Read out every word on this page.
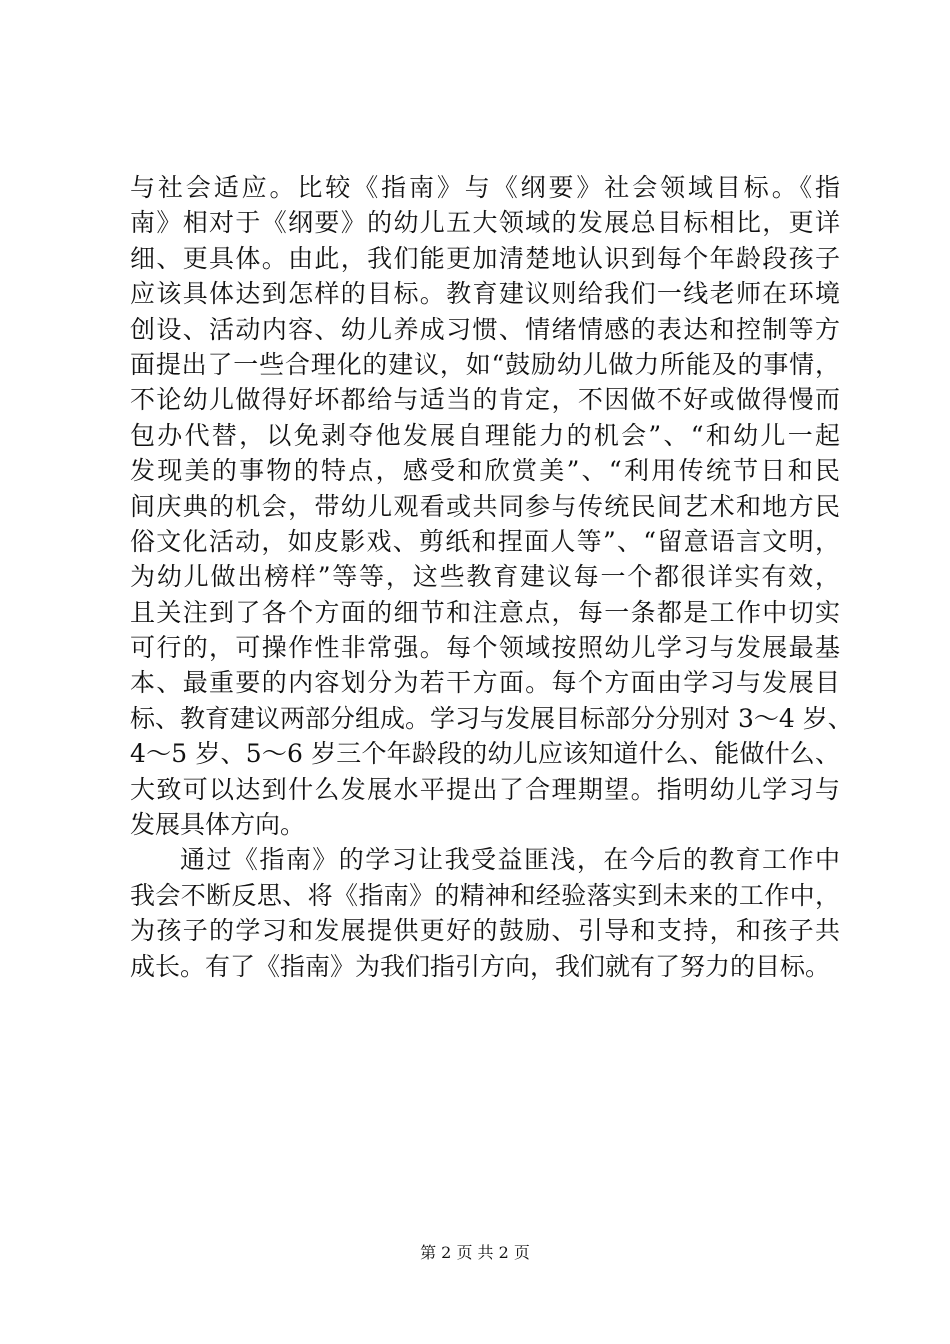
与社会适应。比较《指南》与《纲要》社会领域目标。《指
南》相对于《纲要》的幼儿五大领域的发展总目标相比，更详
细、更具体。由此，我们能更加清楚地认识到每个年龄段孩子
应该具体达到怎样的目标。教育建议则给我们一线老师在环境
创设、活动内容、幼儿养成习惯、情绪情感的表达和控制等方
面提出了一些合理化的建议，如“鼓励幼儿做力所能及的事情，
不论幼儿做得好坏都给与适当的肯定，不因做不好或做得慢而
包办代替，以免剥夺他发展自理能力的机会”、“和幼儿一起
发现美的事物的特点，感受和欣赏美”、“利用传统节日和民
间庆典的机会，带幼儿观看或共同参与传统民间艺术和地方民
俗文化活动，如皮影戏、剪纸和捏面人等”、“留意语言文明，
为幼儿做出榜样”等等，这些教育建议每一个都很详实有效，
且关注到了各个方面的细节和注意点，每一条都是工作中切实
可行的，可操作性非常强。每个领域按照幼儿学习与发展最基
本、最重要的内容划分为若干方面。每个方面由学习与发展目
标、教育建议两部分组成。学习与发展目标部分分别对 3～4 岁、
4～5 岁、5～6 岁三个年龄段的幼儿应该知道什么、能做什么、
大致可以达到什么发展水平提出了合理期望。指明幼儿学习与
发展具体方向。
通过《指南》的学习让我受益匪浅，在今后的教育工作中
我会不断反思、将《指南》的精神和经验落实到未来的工作中，
为孩子的学习和发展提供更好的鼓励、引导和支持，和孩子共
成长。有了《指南》为我们指引方向，我们就有了努力的目标。
第 2 页 共 2 页
